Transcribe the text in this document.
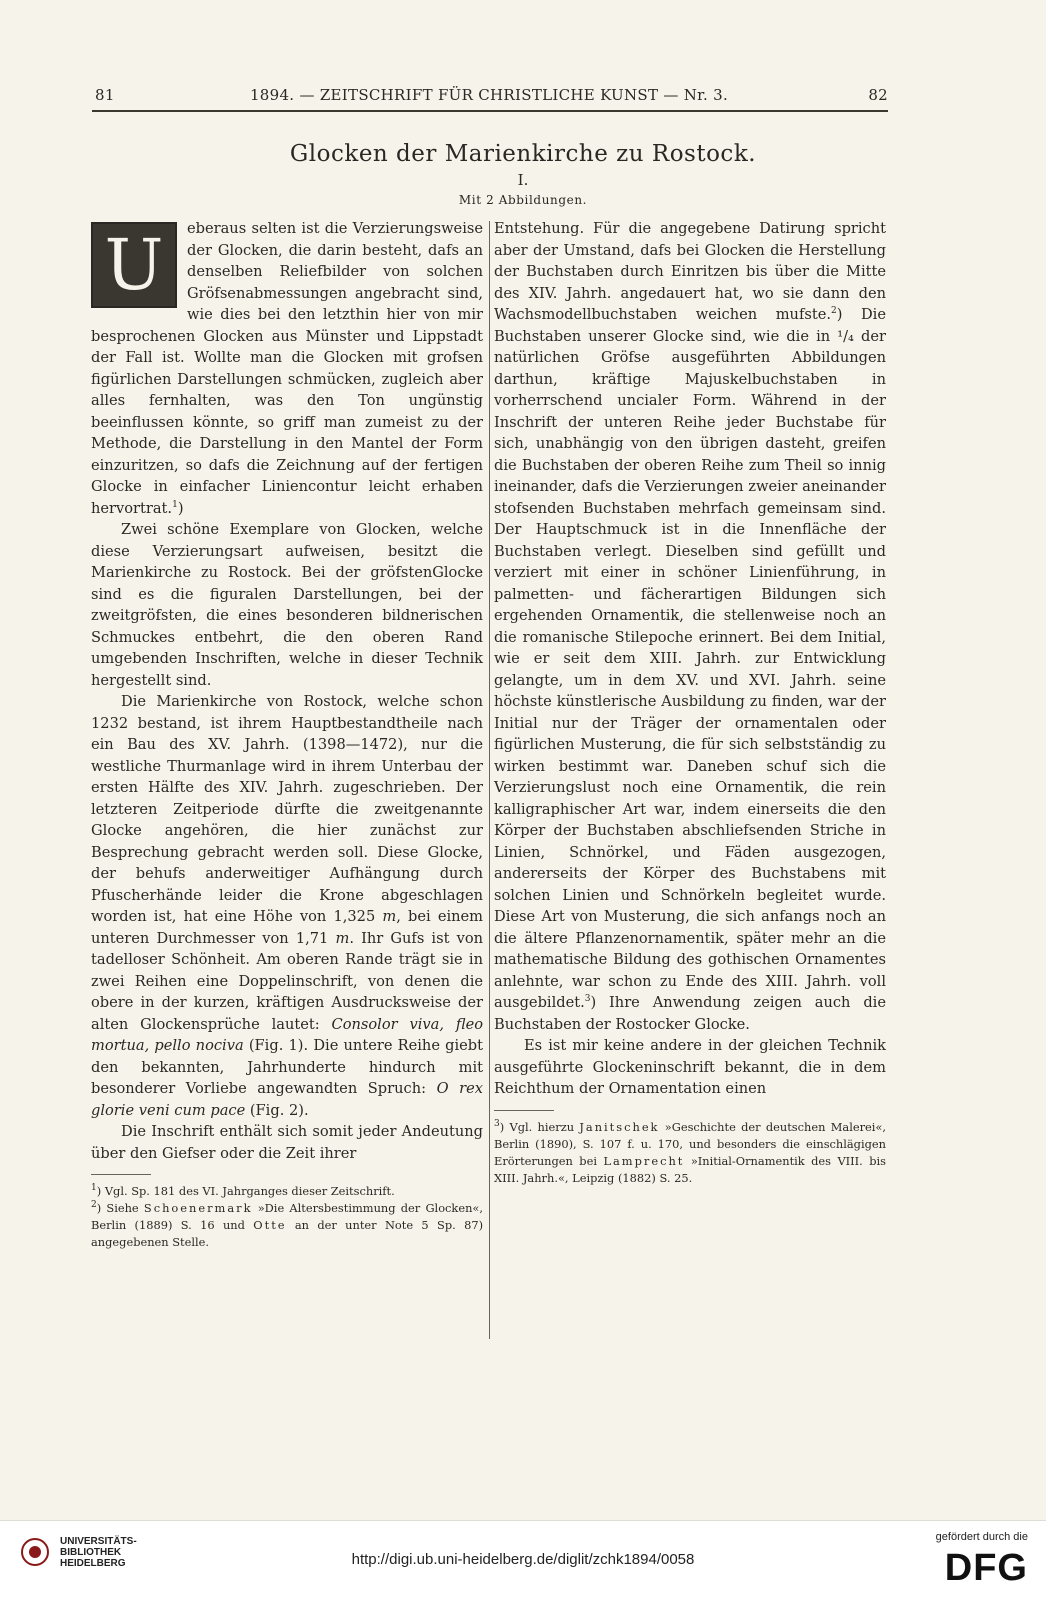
81	1894. — ZEITSCHRIFT FÜR CHRISTLICHE KUNST — Nr. 3.	82
Glocken der Marienkirche zu Rostock.
I.
Mit 2 Abbildungen.

U	eberaus selten ist die Verzierungsweise der Glocken, die darin besteht, dafs an denselben Reliefbilder von solchen Gröfsenabmessungen angebracht sind, wie dies bei den letzthin hier von mir besprochenen Glocken aus Münster und Lippstadt der Fall ist. Wollte man die Glocken mit grofsen figürlichen Darstellungen schmücken, zugleich aber alles fernhalten, was den Ton ungünstig beeinflussen könnte, so griff man zumeist zu der Methode, die Darstellung in den Mantel der Form einzuritzen, so dafs die Zeichnung auf der fertigen Glocke in einfacher Liniencontur leicht erhaben hervortrat.$^1$)

Zwei schöne Exemplare von Glocken, welche diese Verzierungsart aufweisen, besitzt die Marienkirche zu Rostock. Bei der gröfstenGlocke sind es die figuralen Darstellungen, bei der zweitgröfsten, die eines besonderen bildnerischen Schmuckes entbehrt, die den oberen Rand umgebenden Inschriften, welche in dieser Technik hergestellt sind.

Die Marienkirche von Rostock, welche schon 1232 bestand, ist ihrem Hauptbestandtheile nach ein Bau des XV. Jahrh. (1398—1472), nur die westliche Thurmanlage wird in ihrem Unterbau der ersten Hälfte des XIV. Jahrh. zugeschrieben. Der letzteren Zeitperiode dürfte die zweitgenannte Glocke angehören, die hier zunächst zur Besprechung gebracht werden soll. Diese Glocke, der behufs anderweitiger Aufhängung durch Pfuscherhände leider die Krone abgeschlagen worden ist, hat eine Höhe von 1,325 m, bei einem unteren Durchmesser von 1,71 m. Ihr Gufs ist von tadelloser Schönheit. Am oberen Rande trägt sie in zwei Reihen eine Doppelinschrift, von denen die obere in der kurzen, kräftigen Ausdrucksweise der alten Glockensprüche lautet: Consolor viva, fleo mortua, pello nociva (Fig. 1). Die untere Reihe giebt den bekannten, Jahrhunderte hindurch mit besonderer Vorliebe angewandten Spruch: O rex glorie veni cum pace (Fig. 2).

Die Inschrift enthält sich somit jeder Andeutung über den Giefser oder die Zeit ihrer

$^1$) Vgl. Sp. 181 des VI. Jahrganges dieser Zeitschrift.

$^2$) Siehe Schoenermark »Die Altersbestimmung der Glocken«, Berlin (1889) S. 16 und Otte an der unter Note 5 Sp. 87) angegebenen Stelle.

Entstehung. Für die angegebene Datirung spricht aber der Umstand, dafs bei Glocken die Herstellung der Buchstaben durch Einritzen bis über die Mitte des XIV. Jahrh. angedauert hat, wo sie dann den Wachsmodellbuchstaben weichen mufste.$^2$) Die Buchstaben unserer Glocke sind, wie die in ¹/₄ der natürlichen Gröfse ausgeführten Abbildungen darthun, kräftige Majuskelbuchstaben in vorherrschend uncialer Form. Während in der Inschrift der unteren Reihe jeder Buchstabe für sich, unabhängig von den übrigen dasteht, greifen die Buchstaben der oberen Reihe zum Theil so innig ineinander, dafs die Verzierungen zweier aneinander stofsenden Buchstaben mehrfach gemeinsam sind. Der Hauptschmuck ist in die Innenfläche der Buchstaben verlegt. Dieselben sind gefüllt und verziert mit einer in schöner Linienführung, in palmetten- und fächerartigen Bildungen sich ergehenden Ornamentik, die stellenweise noch an die romanische Stilepoche erinnert. Bei dem Initial, wie er seit dem XIII. Jahrh. zur Entwicklung gelangte, um in dem XV. und XVI. Jahrh. seine höchste künstlerische Ausbildung zu finden, war der Initial nur der Träger der ornamentalen oder figürlichen Musterung, die für sich selbstständig zu wirken bestimmt war. Daneben schuf sich die Verzierungslust noch eine Ornamentik, die rein kalligraphischer Art war, indem einerseits die den Körper der Buchstaben abschliefsenden Striche in Linien, Schnörkel, und Fäden ausgezogen, andererseits der Körper des Buchstabens mit solchen Linien und Schnörkeln begleitet wurde. Diese Art von Musterung, die sich anfangs noch an die ältere Pflanzenornamentik, später mehr an die mathematische Bildung des gothischen Ornamentes anlehnte, war schon zu Ende des XIII. Jahrh. voll ausgebildet.$^3$) Ihre Anwendung zeigen auch die Buchstaben der Rostocker Glocke.

Es ist mir keine andere in der gleichen Technik ausgeführte Glockeninschrift bekannt, die in dem Reichthum der Ornamentation einen

$^3$) Vgl. hierzu Janitschek »Geschichte der deutschen Malerei«, Berlin (1890), S. 107 f. u. 170, und besonders die einschlägigen Erörterungen bei Lamprecht »Initial-Ornamentik des VIII. bis XIII. Jahrh.«, Leipzig (1882) S. 25.

UNIVERSITÄTS-
BIBLIOTHEK
HEIDELBERG	http://digi.ub.uni-heidelberg.de/diglit/zchk1894/0058
gefördert durch die
DFG
